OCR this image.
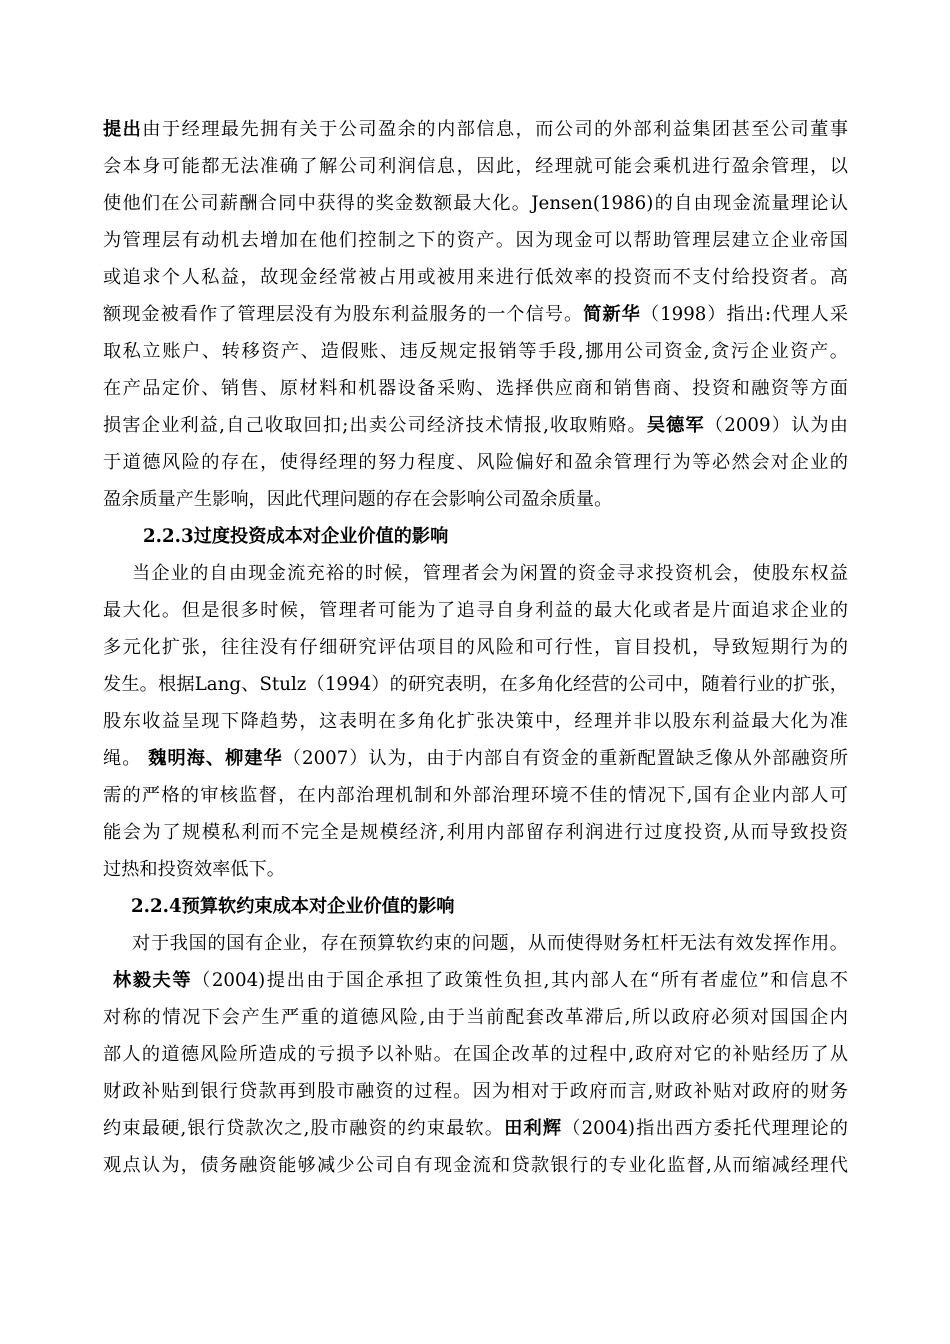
提出由于经理最先拥有关于公司盈余的内部信息，而公司的外部利益集团甚至公司董事
会本身可能都无法准确了解公司利润信息，因此，经理就可能会乘机进行盈余管理，以
使他们在公司薪酬合同中获得的奖金数额最大化。Jensen(1986)的自由现金流量理论认
为管理层有动机去增加在他们控制之下的资产。因为现金可以帮助管理层建立企业帝国
或追求个人私益，故现金经常被占用或被用来进行低效率的投资而不支付给投资者。高
额现金被看作了管理层没有为股东利益服务的一个信号。简新华（1998）指出:代理人采
取私立账户、转移资产、造假账、违反规定报销等手段,挪用公司资金,贪污企业资产。
在产品定价、销售、原材料和机器设备采购、选择供应商和销售商、投资和融资等方面
损害企业利益,自己收取回扣;出卖公司经济技术情报,收取贿赂。吴德军（2009）认为由
于道德风险的存在，使得经理的努力程度、风险偏好和盈余管理行为等必然会对企业的
盈余质量产生影响，因此代理问题的存在会影响公司盈余质量。
2.2.3过度投资成本对企业价值的影响
当企业的自由现金流充裕的时候，管理者会为闲置的资金寻求投资机会，使股东权益
最大化。但是很多时候，管理者可能为了追寻自身利益的最大化或者是片面追求企业的
多元化扩张，往往没有仔细研究评估项目的风险和可行性，盲目投机，导致短期行为的
发生。根据Lang、Stulz（1994）的研究表明，在多角化经营的公司中，随着行业的扩张，
股东收益呈现下降趋势，这表明在多角化扩张决策中，经理并非以股东利益最大化为准
绳。 魏明海、柳建华（2007）认为，由于内部自有资金的重新配置缺乏像从外部融资所
需的严格的审核监督，在内部治理机制和外部治理环境不佳的情况下,国有企业内部人可
能会为了规模私利而不完全是规模经济,利用内部留存利润进行过度投资,从而导致投资
过热和投资效率低下。
2.2.4预算软约束成本对企业价值的影响
对于我国的国有企业，存在预算软约束的问题，从而使得财务杠杆无法有效发挥作用。
林毅夫等（2004)提出由于国企承担了政策性负担,其内部人在“所有者虚位”和信息不
对称的情况下会产生严重的道德风险,由于当前配套改革滞后,所以政府必须对国国企内
部人的道德风险所造成的亏损予以补贴。在国企改革的过程中,政府对它的补贴经历了从
财政补贴到银行贷款再到股市融资的过程。因为相对于政府而言,财政补贴对政府的财务
约束最硬,银行贷款次之,股市融资的约束最软。田利辉（2004)指出西方委托代理理论的
观点认为，债务融资能够减少公司自有现金流和贷款银行的专业化监督,从而缩减经理代
